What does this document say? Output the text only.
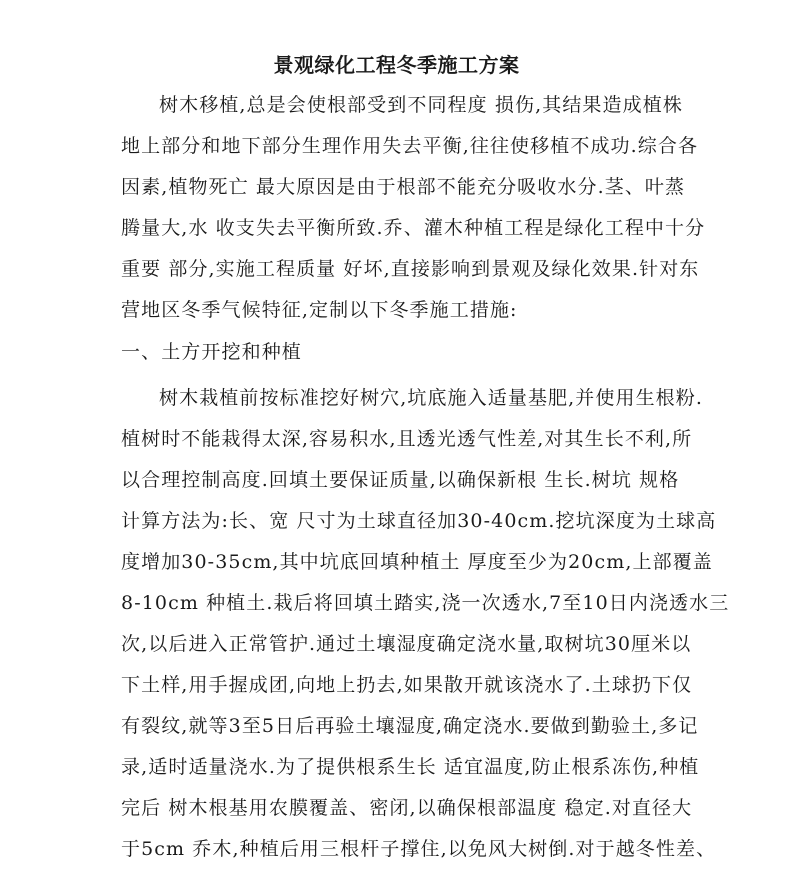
景观绿化工程冬季施工方案
树木移植,总是会使根部受到不同程度 损伤,其结果造成植株
地上部分和地下部分生理作用失去平衡,往往使移植不成功.综合各
因素,植物死亡 最大原因是由于根部不能充分吸收水分.茎、叶蒸
腾量大,水 收支失去平衡所致.乔、灌木种植工程是绿化工程中十分
重要 部分,实施工程质量 好坏,直接影响到景观及绿化效果.针对东
营地区冬季气候特征,定制以下冬季施工措施:
一、土方开挖和种植
树木栽植前按标准挖好树穴,坑底施入适量基肥,并使用生根粉.
植树时不能栽得太深,容易积水,且透光透气性差,对其生长不利,所
以合理控制高度.回填土要保证质量,以确保新根 生长.树坑 规格
计算方法为:长、宽 尺寸为土球直径加30-40cm.挖坑深度为土球高
度增加30-35cm,其中坑底回填种植土 厚度至少为20cm,上部覆盖
8-10cm 种植土.栽后将回填土踏实,浇一次透水,7至10日内浇透水三
次,以后进入正常管护.通过土壤湿度确定浇水量,取树坑30厘米以
下土样,用手握成团,向地上扔去,如果散开就该浇水了.土球扔下仅
有裂纹,就等3至5日后再验土壤湿度,确定浇水.要做到勤验土,多记
录,适时适量浇水.为了提供根系生长 适宜温度,防止根系冻伤,种植
完后 树木根基用农膜覆盖、密闭,以确保根部温度 稳定.对直径大
于5cm 乔木,种植后用三根杆子撑住,以免风大树倒.对于越冬性差、
